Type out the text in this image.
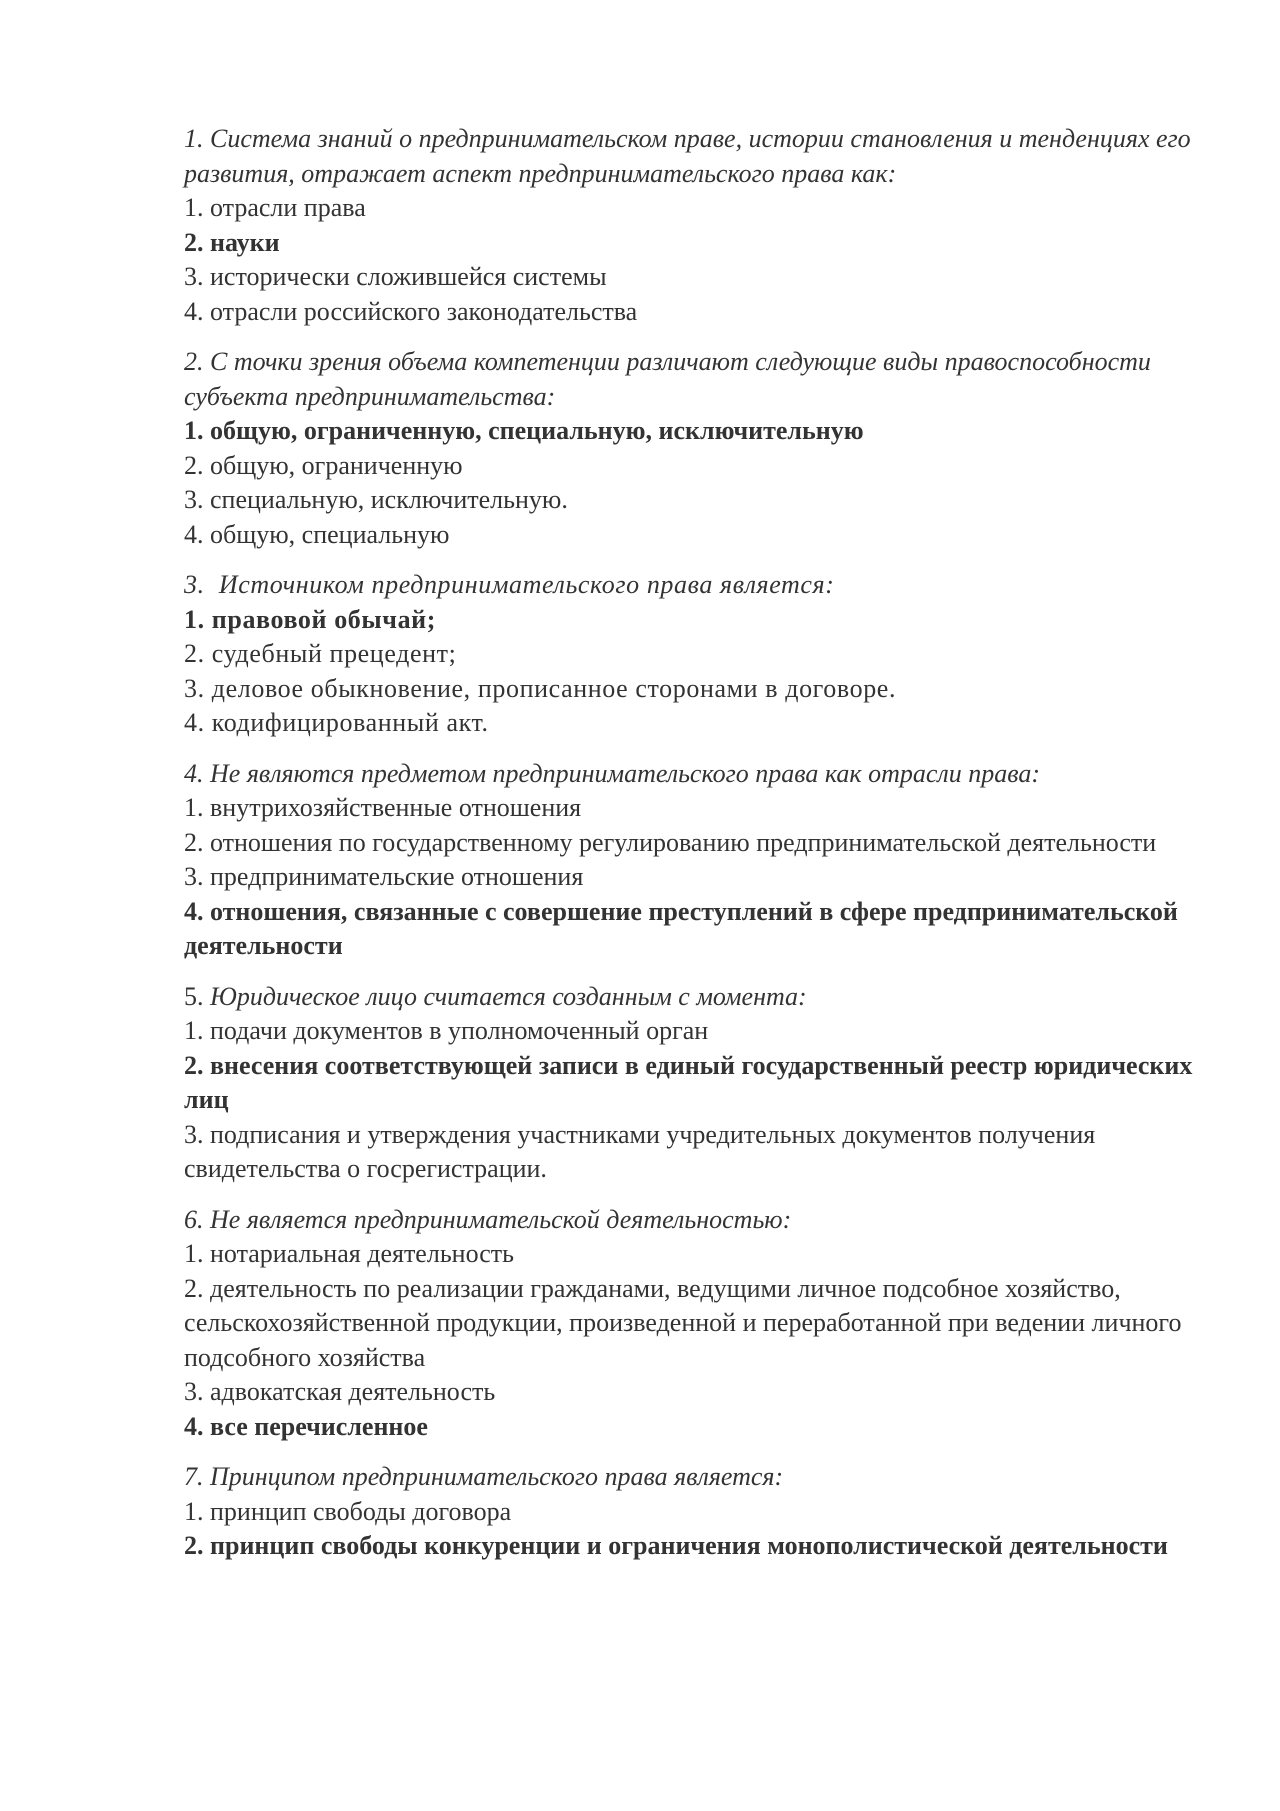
1. Система знаний о предпринимательском праве, истории становления и тенденциях его развития, отражает аспект предпринимательского права как:
1. отрасли права
2. науки
3. исторически сложившейся системы
4. отрасли российского законодательства
2. С точки зрения объема компетенции различают следующие виды правоспособности субъекта предпринимательства:
1. общую, ограниченную, специальную, исключительную
2. общую, ограниченную
3. специальную, исключительную.
4. общую, специальную
3.  Источником предпринимательского права является:
1. правовой обычай;
2. судебный прецедент;
3. деловое обыкновение, прописанное сторонами в договоре.
4. кодифицированный акт.
4. Не являются предметом предпринимательского права как отрасли права:
1. внутрихозяйственные отношения
2. отношения по государственному регулированию предпринимательской деятельности
3. предпринимательские отношения
4. отношения, связанные с совершение преступлений в сфере предпринимательской деятельности
5. Юридическое лицо считается созданным с момента:
1. подачи документов в уполномоченный орган
2. внесения соответствующей записи в единый государственный реестр юридических лиц
3. подписания и утверждения участниками учредительных документов получения свидетельства о госрегистрации.
6. Не является предпринимательской деятельностью:
1. нотариальная деятельность
2. деятельность по реализации гражданами, ведущими личное подсобное хозяйство, сельскохозяйственной продукции, произведенной и переработанной при ведении личного подсобного хозяйства
3. адвокатская деятельность
4. все перечисленное
7. Принципом предпринимательского права является:
1. принцип свободы договора
2. принцип свободы конкуренции и ограничения монополистической деятельности
